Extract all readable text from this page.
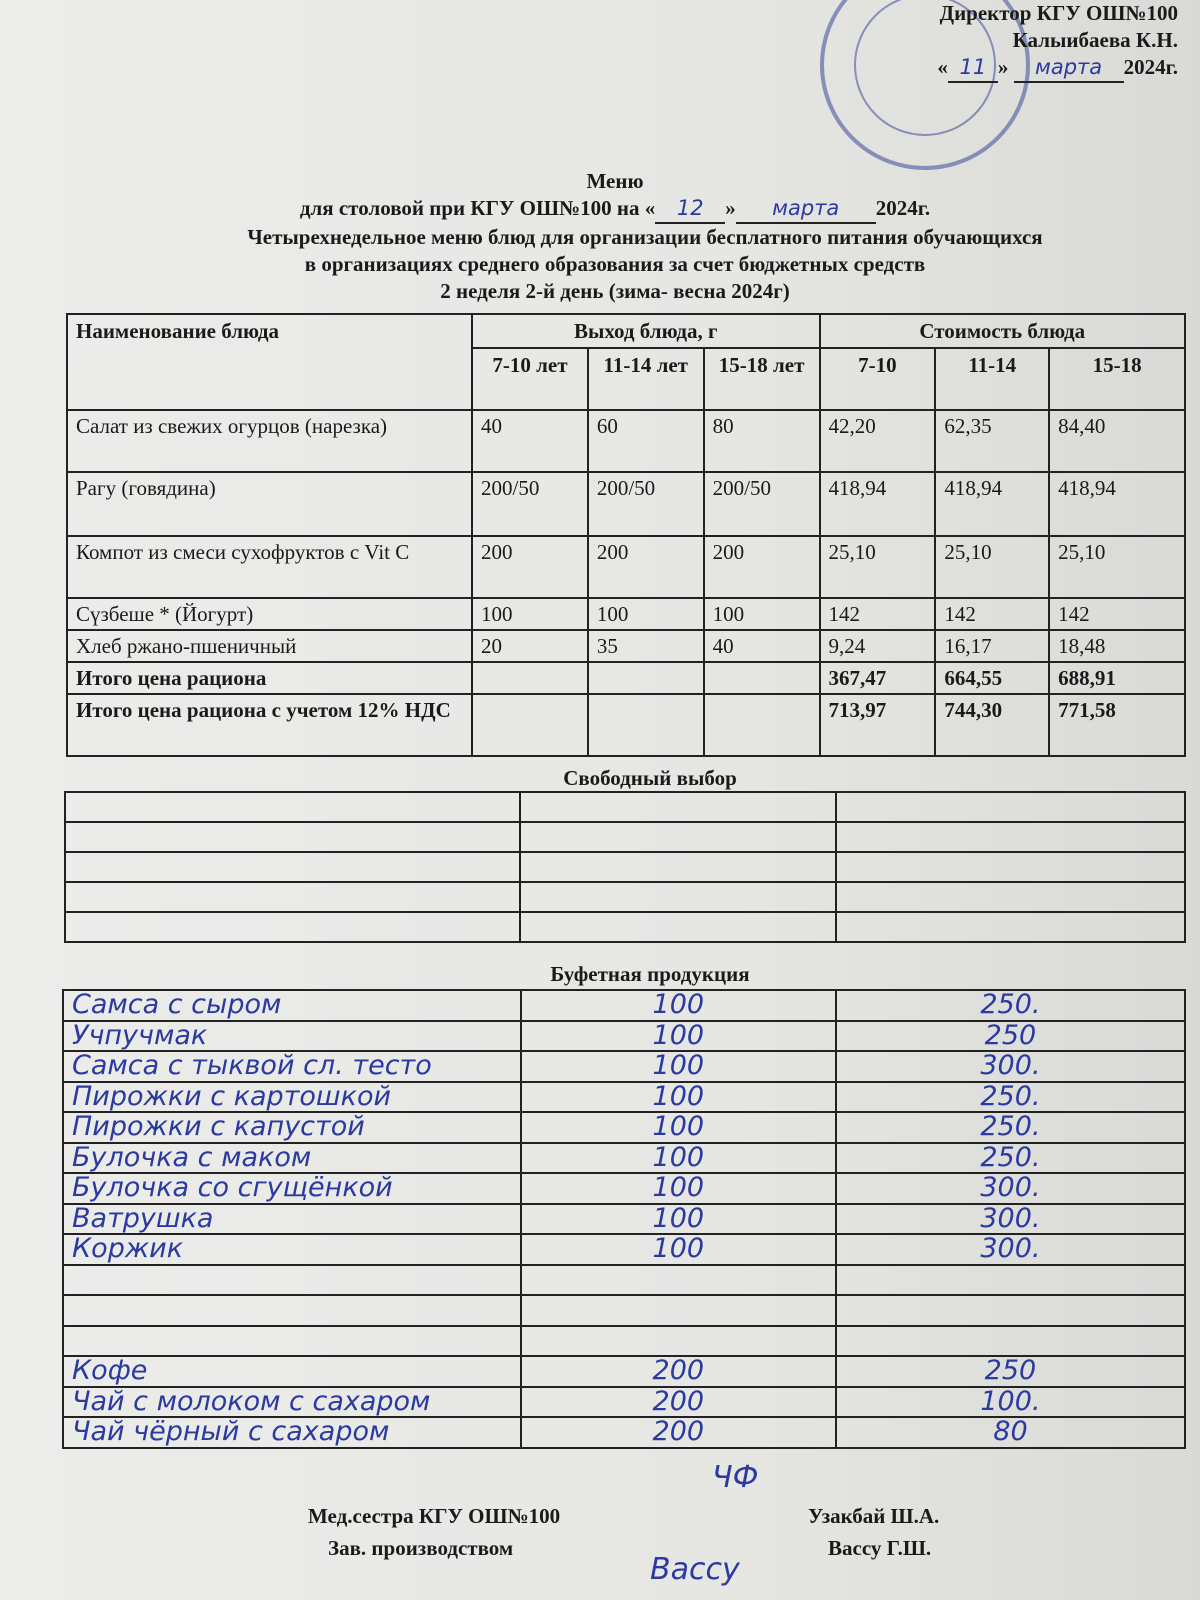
Директор КГУ ОШ№100
Калыибаева К.Н.
« 11 » марта 2024г.
Меню
для столовой при КГУ ОШ№100 на « 12 » марта 2024г.
Четырехнедельное меню блюд для организации бесплатного питания обучающихся
в организациях среднего образования за счет бюджетных средств
2 неделя 2-й день (зима- весна 2024г)
Наименование блюда	Выход блюда, г			Стоимость блюда		
	7-10 лет	11-14 лет	15-18 лет	7-10	11-14	15-18
Салат из свежих огурцов (нарезка)	40	60	80	42,20	62,35	84,40
Рагу (говядина)	200/50	200/50	200/50	418,94	418,94	418,94
Компот из смеси сухофруктов с Vit C	200	200	200	25,10	25,10	25,10
Сүзбеше * (Йогурт)	100	100	100	142	142	142
Хлеб ржано-пшеничный	20	35	40	9,24	16,17	18,48
Итого цена рациона				367,47	664,55	688,91
Итого цена рациона с учетом 12% НДС				713,97	744,30	771,58
Свободный выбор

Буфетная продукция
Самса с сыром	100	250.
Учпучмак	100	250
Самса с тыквой сл. тесто	100	300.
Пирожки с картошкой	100	250.
Пирожки с капустой	100	250.
Булочка с маком	100	250.
Булочка со сгущёнкой	100	300.
Ватрушка	100	300.
Коржик	100	300.

Кофе	200	250
Чай с молоком с сахаром	200	100.
Чай чёрный с сахаром	200	80
Мед.сестра КГУ ОШ№100
Зав. производством
Узакбай Ш.А.
Вассу Г.Ш.
ЧФ
Вассу
